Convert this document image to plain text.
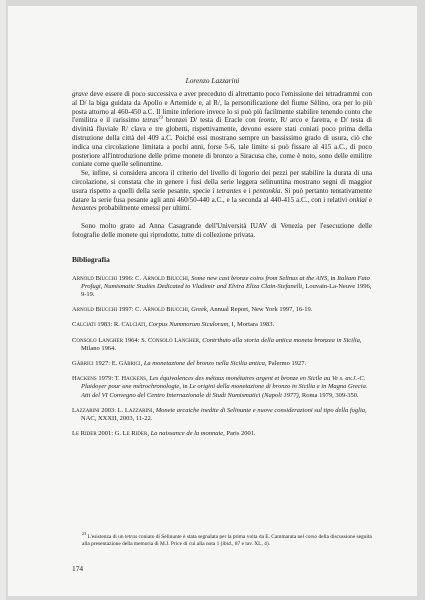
Lorenzo Lazzarini

grave deve essere di poco successiva e aver preceduto di altrettanto poco l'emissione dei tetradrammi con al D/ la biga guidata da Apollo e Artemide e, al R/, la personificazione del fiume Sèlino, ora per lo più posta attorno al 460-450 a.C. Il limite inferiore invece lo si può più facilmente stabilire tenendo conto che l'emilitra e il rarissimo tetras$^{23}$ bronzei D/ testa di Eracle con leonte, R/ arco e faretra, e D/ testa di divinità fluviale R/ clava e tre globetti, rispettivamente, devono essere stati coniati poco prima della distruzione della città del 409 a.C. Poiché essi mostrano sempre un bassissimo grado di usura, ciò che indica una circolazione limitata a pochi anni, forse 5-6, tale limite si può fissare al 415 a.C., di poco posteriore all'introduzione delle prime monete di bronzo a Siracusa che, come è noto, sono delle emilitre coniate come quelle selinuntine.

Se, infine, si considera ancora il criterio del livello di logorio dei pezzi per stabilire la durata di una circolazione, si constata che in genere i fusi della serie leggera selinuntina mostrano segni di maggior usura rispetto a quelli della serie pesante, specie i tetrantes e i pentonkia. Si può pertanto tentativamente datare la serie fusa pesante agli anni 460/50-440 a.C., e la seconda al 440-415 a.C., con i relativi onkiai e hexantes probabilmente emessi per ultimi.

Sono molto grato ad Anna Casagrande dell'Università IUAV di Venezia per l'esecuzione delle fotografie delle monete qui riprodotte, tutte di collezione privata.

Bibliografia
Arnold Biucchi 1996: C. Arnold Biucchi, Some new cast bronze coins from Selinus at the ANS, in Italiam Fato Profugi, Numismatic Studies Dedicated to Vladimir and Elvira Eliza Clain-Stefanelli, Louvain-La-Neuve 1996, 9-19.
Arnold Biucchi 1997: C. Arnold Biucchi, Greek, Annual Report, New York 1997, 16-19.
Calciati 1983: R. Calciati, Corpus Nummorum Siculorum, I, Mortara 1983.
Consolo Langher 1964: S. Consolo Langher, Contributo alla storia della antica moneta bronzea in Sicilia, Milano 1964.
Gàbrici 1927: E. Gàbrici, La monetazione del bronzo nella Sicilia antica, Palermo 1927.
Hackens 1979: T. Hackens, Les équivalences des métaux monétaires argent et bronze en Sicile au Ve s. av.J.-C. Plaidoyer pour une métrochronologie, in Le origini della monetazione di bronzo in Sicilia e in Magna Grecia. Atti del VI Convegno del Centro Internazionale di Studi Numismatici (Napoli 1977), Roma 1979, 309-350.
Lazzarini 2003: L. Lazzarini, Monete arcaiche inedite di Selinunte e nuove considerazioni sul tipo della foglia, NAC, XXXII, 2003, 11-22.
Le Rider 2001: G. Le Rider, La naissance de la monnaie, Paris 2001.
$^{23}$ L'esistenza di un tetras coniato di Selinunte è stata segnalata per la prima volta da E. Cammarata nel corso della discussione seguita alla presentazione della memoria di M.J. Price di cui alla nota 1 (ibid., 87 e tav. XL, 4).
174
